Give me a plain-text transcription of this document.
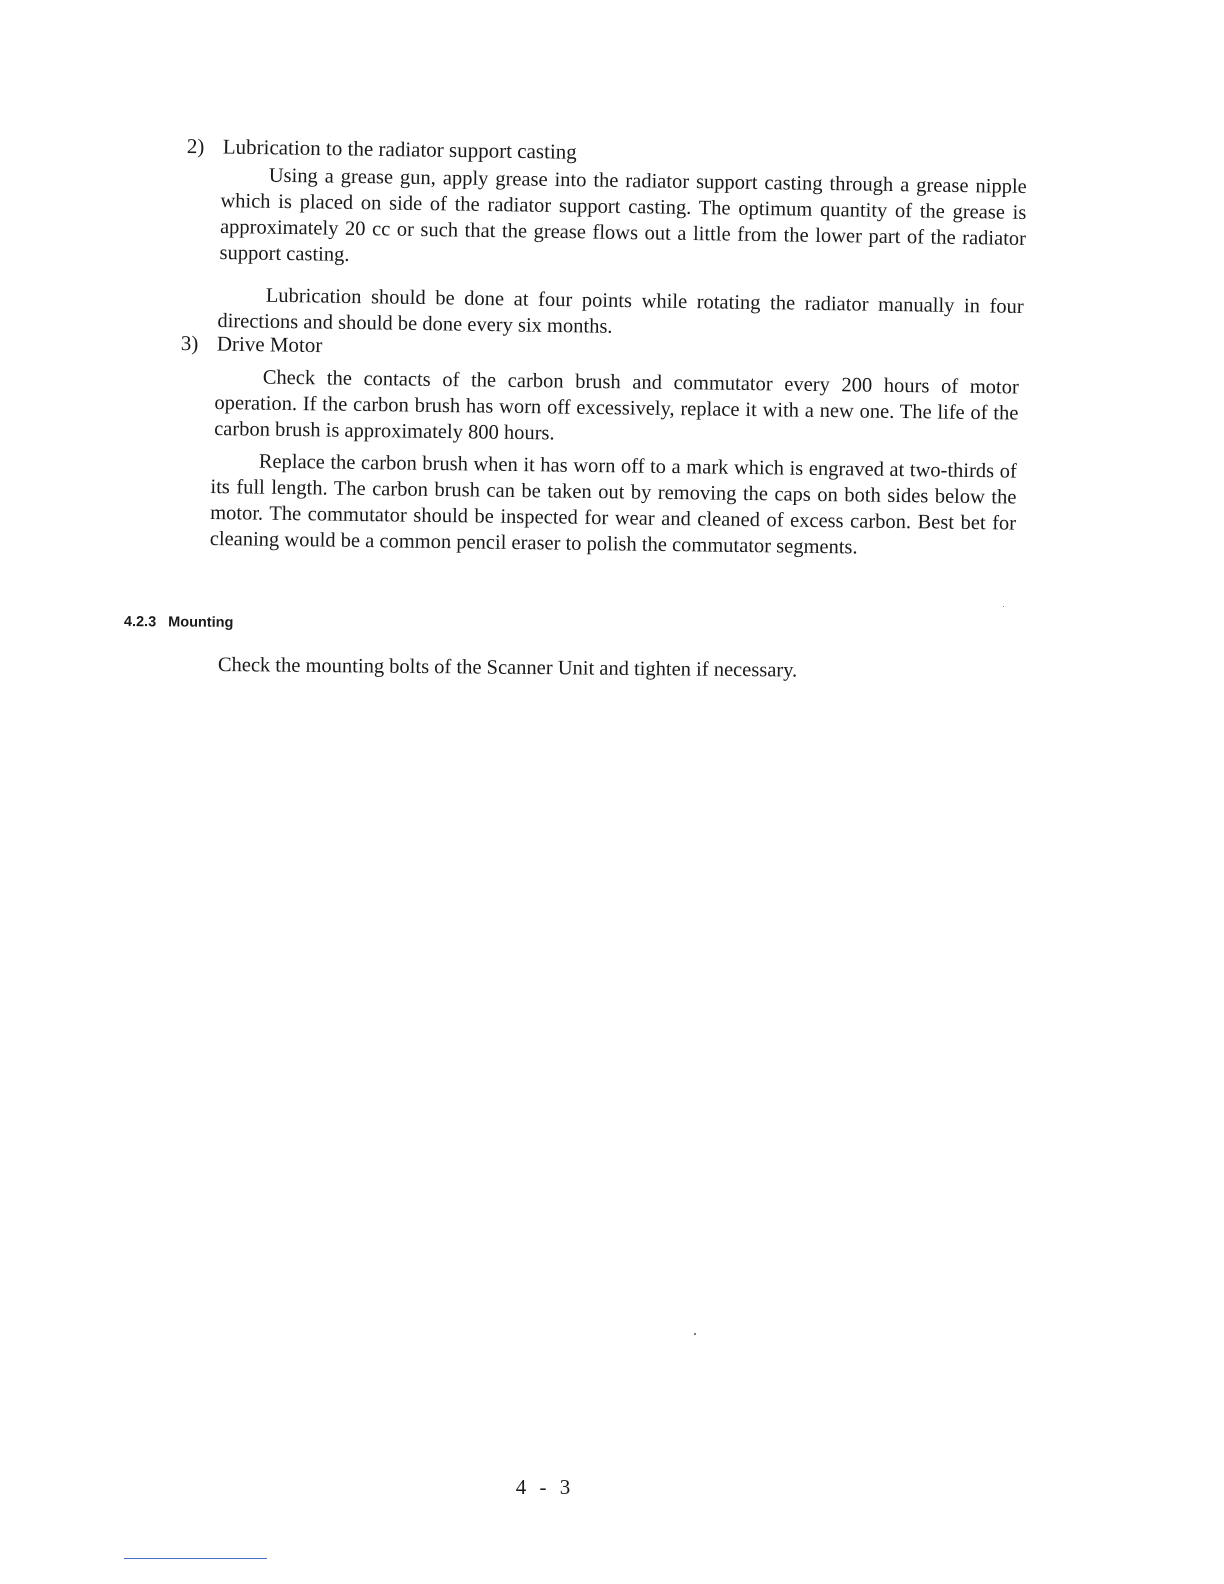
2) Lubrication to the radiator support casting

Using a grease gun, apply grease into the radiator support casting through a grease nipple which is placed on side of the radiator support casting. The optimum quantity of the grease is approximately 20 cc or such that the grease flows out a little from the lower part of the radiator support casting.

Lubrication should be done at four points while rotating the radiator manually in four directions and should be done every six months.

3) Drive Motor

Check the contacts of the carbon brush and commutator every 200 hours of motor operation. If the carbon brush has worn off excessively, replace it with a new one. The life of the carbon brush is approximately 800 hours.

Replace the carbon brush when it has worn off to a mark which is engraved at two-thirds of its full length. The carbon brush can be taken out by removing the caps on both sides below the motor. The commutator should be inspected for wear and cleaned of excess carbon. Best bet for cleaning would be a common pencil eraser to polish the commutator segments.

4.2.3 Mounting

Check the mounting bolts of the Scanner Unit and tighten if necessary.

4 - 3
